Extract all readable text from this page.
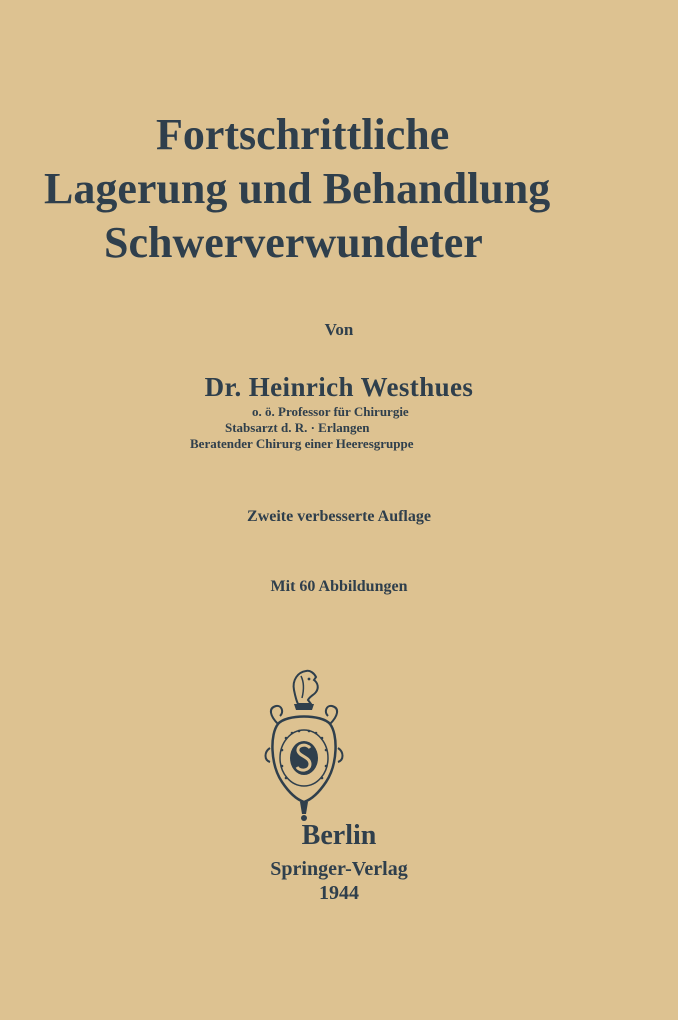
Fortschrittliche
Lagerung und Behandlung
Schwerverwundeter
Von
Dr. Heinrich Westhues
o. ö. Professor für Chirurgie
Stabsarzt d. R. · Erlangen
Beratender Chirurg einer Heeresgruppe
Zweite verbesserte Auflage
Mit 60 Abbildungen
Berlin
Springer-Verlag
1944
